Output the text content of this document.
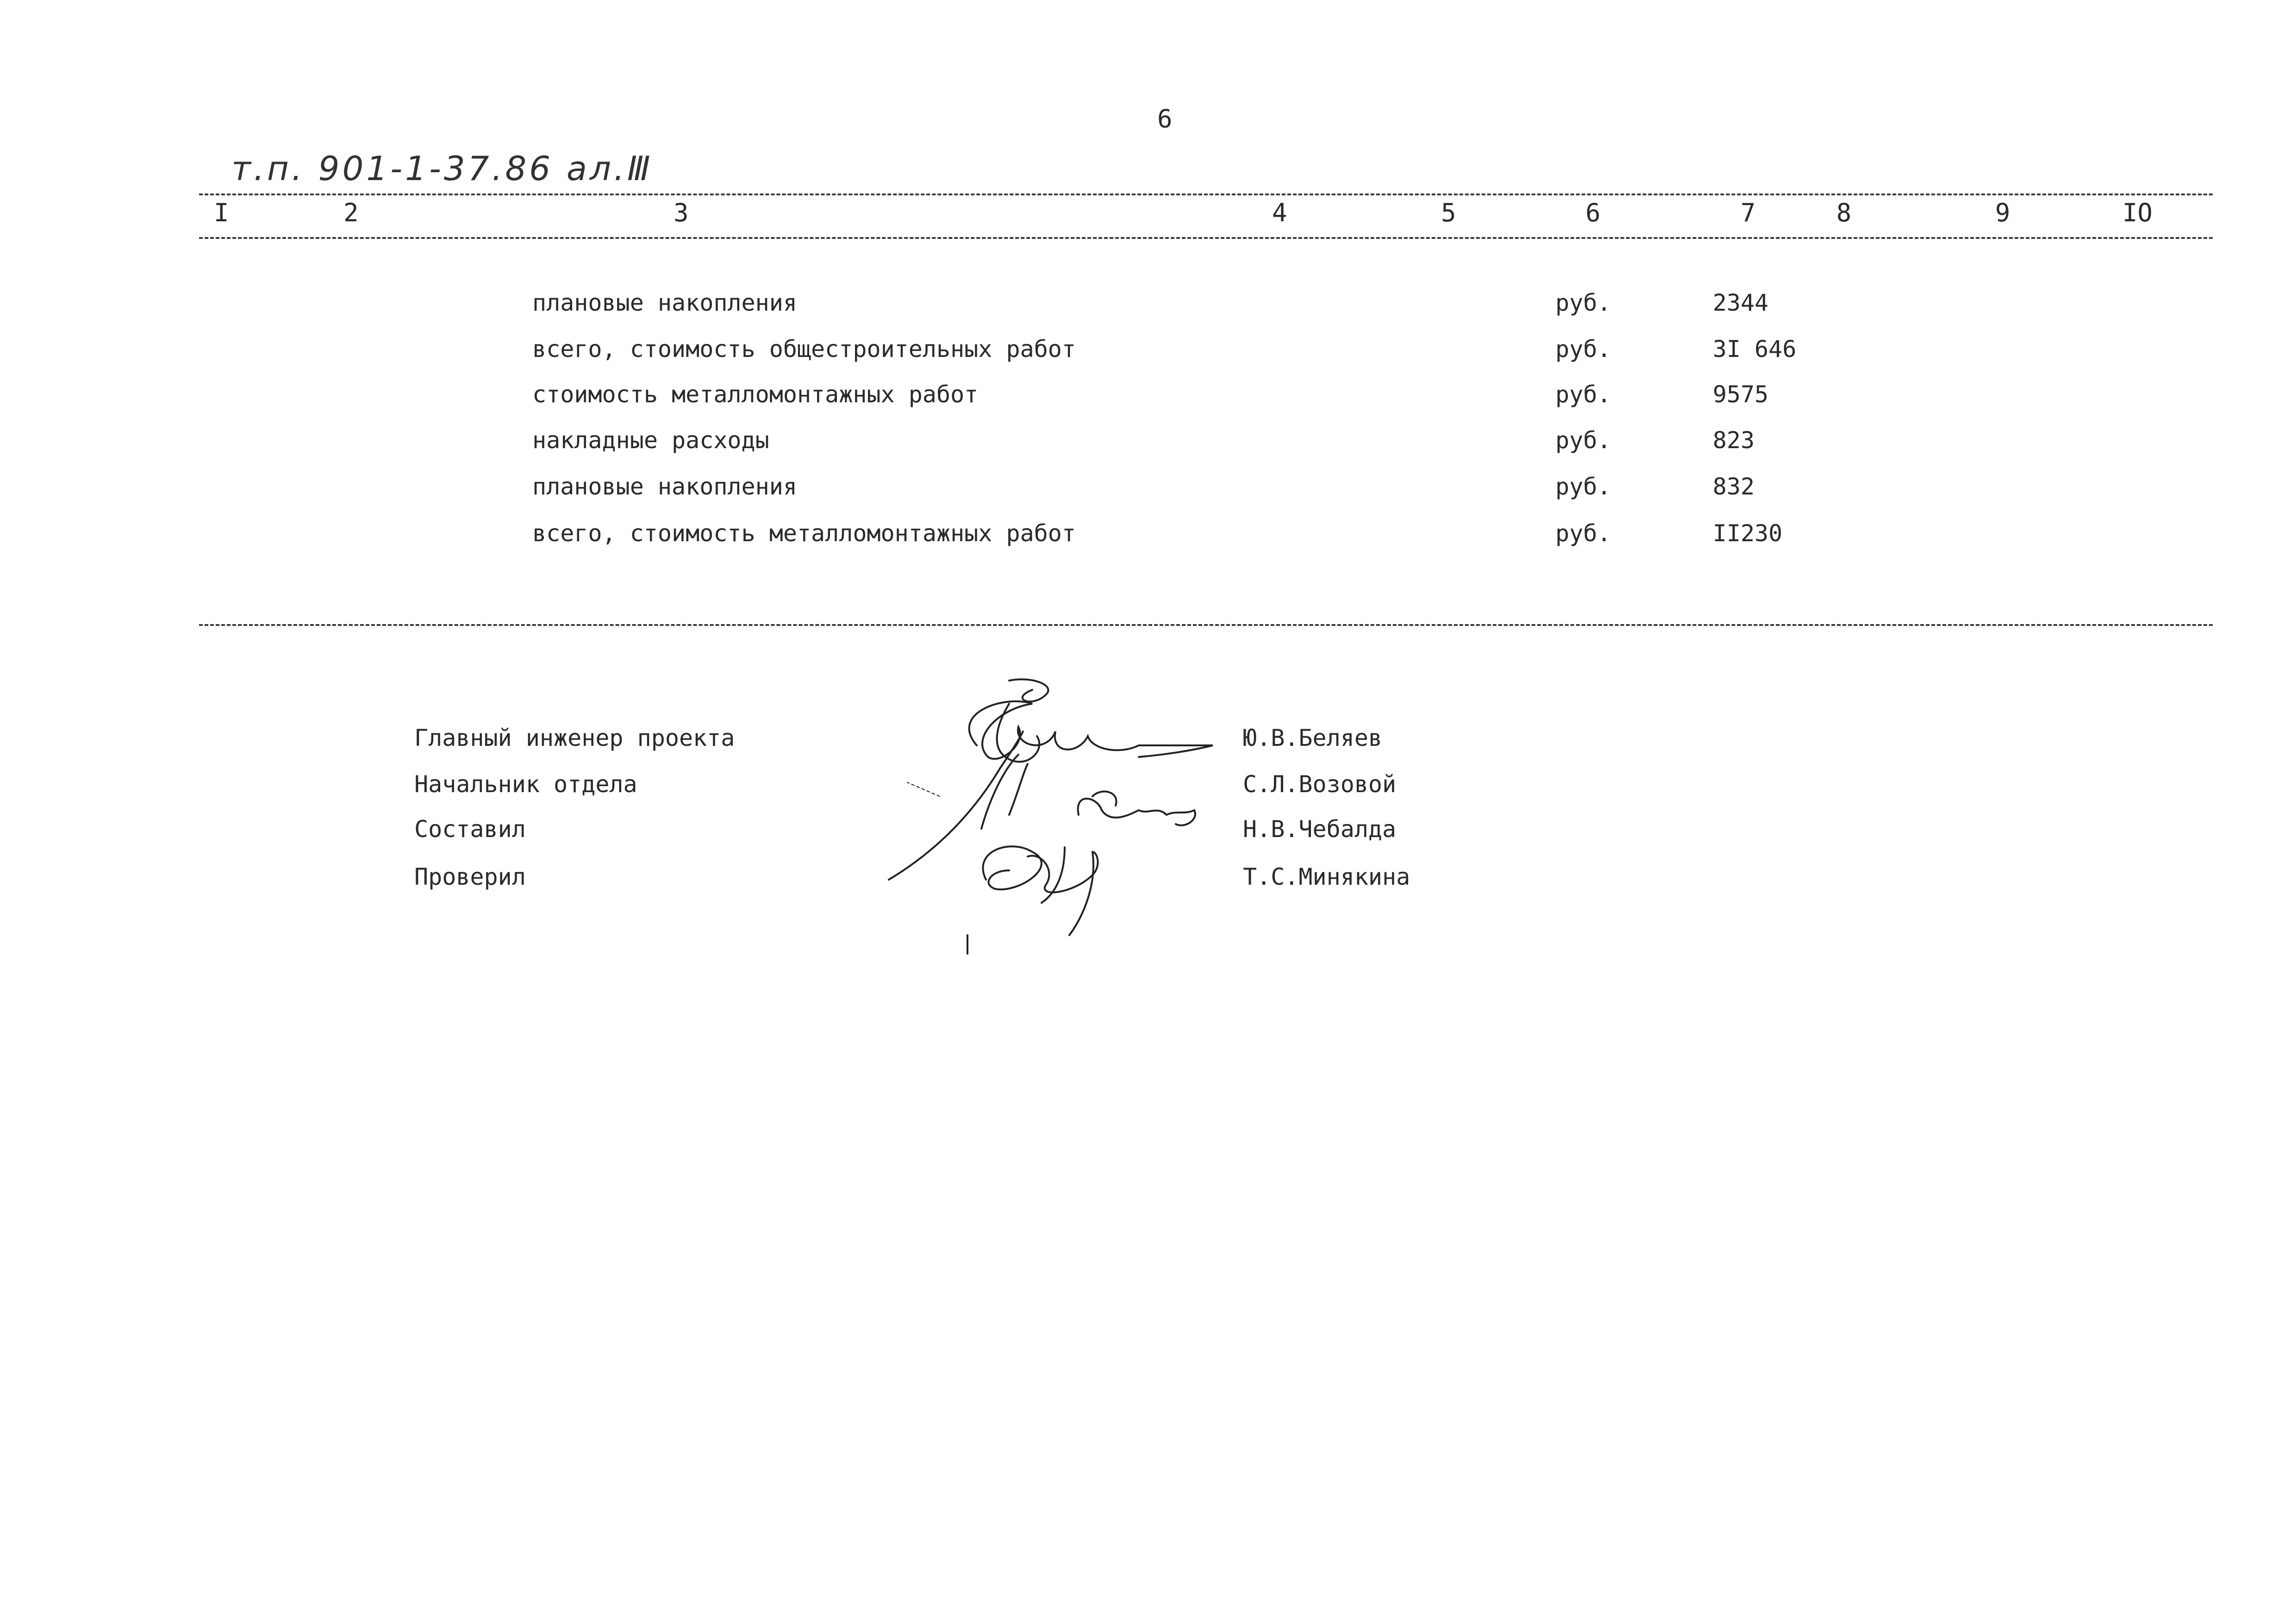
6
т.п. 901-1-37.86 ал.Ⅲ
I	2	3	4	5	6	7	8	9	IO
плановые накопления	руб.	2344
всего, стоимость общестроительных работ	руб.	3I 646
стоимость металломонтажных работ	руб.	9575
накладные расходы	руб.	823
плановые накопления	руб.	832
всего, стоимость металломонтажных работ	руб.	II230
Главный инженер проекта	Ю.В.Беляев
Начальник отдела	С.Л.Возовой
Составил	Н.В.Чебалда
Проверил	Т.С.Минякина
